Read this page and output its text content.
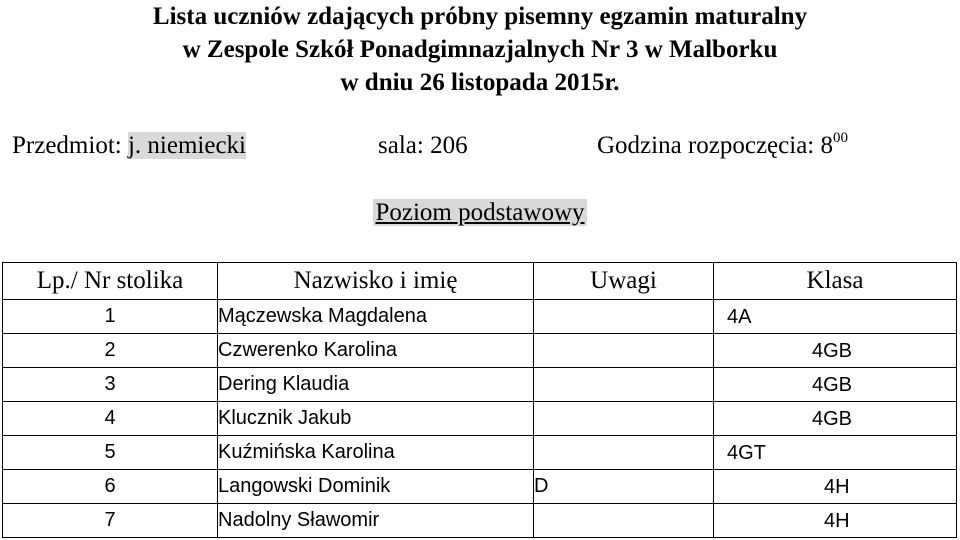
Lista uczniów zdających próbny pisemny egzamin maturalny
w Zespole Szkół Ponadgimnazjalnych Nr 3 w Malborku
w dniu 26 listopada 2015r.
Przedmiot: j. niemiecki	sala: 206	Godzina rozpoczęcia: $8^{00}$
Poziom podstawowy
Lp./ Nr stolika	Nazwisko i imię	Uwagi	Klasa
1	Mączewska Magdalena		4A

2	Czwerenko Karolina		4GB

3	Dering Klaudia		4GB

4	Klucznik Jakub		4GB

5	Kuźmińska Karolina		4GT

6	Langowski Dominik	D	4H

7	Nadolny Sławomir		4H
